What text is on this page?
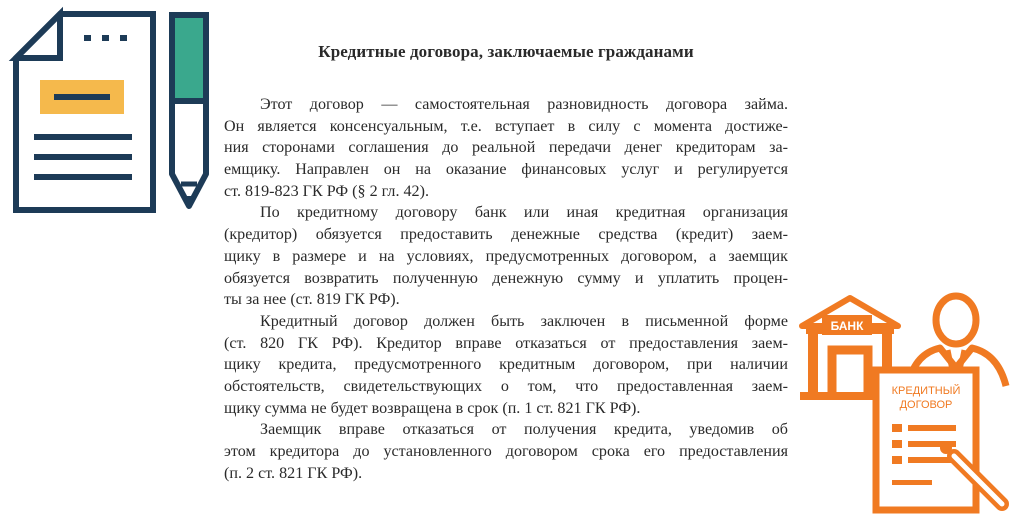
Кредитные договора, заключаемые гражданами
Этот договор — самостоятельная разновидность договора займа.
Он является консенсуальным, т.е. вступает в силу с момента достиже-
ния сторонами соглашения до реальной передачи денег кредиторам за-
емщику. Направлен он на оказание финансовых услуг и регулируется
ст. 819-823 ГК РФ (§ 2 гл. 42).
По кредитному договору банк или иная кредитная организация
(кредитор) обязуется предоставить денежные средства (кредит) заем-
щику в размере и на условиях, предусмотренных договором, а заемщик
обязуется возвратить полученную денежную сумму и уплатить процен-
ты за нее (ст. 819 ГК РФ).
Кредитный договор должен быть заключен в письменной форме
(ст. 820 ГК РФ). Кредитор вправе отказаться от предоставления заем-
щику кредита, предусмотренного кредитным договором, при наличии
обстоятельств, свидетельствующих о том, что предоставленная заем-
щику сумма не будет возвращена в срок (п. 1 ст. 821 ГК РФ).
Заемщик вправе отказаться от получения кредита, уведомив об
этом кредитора до установленного договором срока его предоставления
(п. 2 ст. 821 ГК РФ).
БАНК
КРЕДИТНЫЙ
ДОГОВОР
